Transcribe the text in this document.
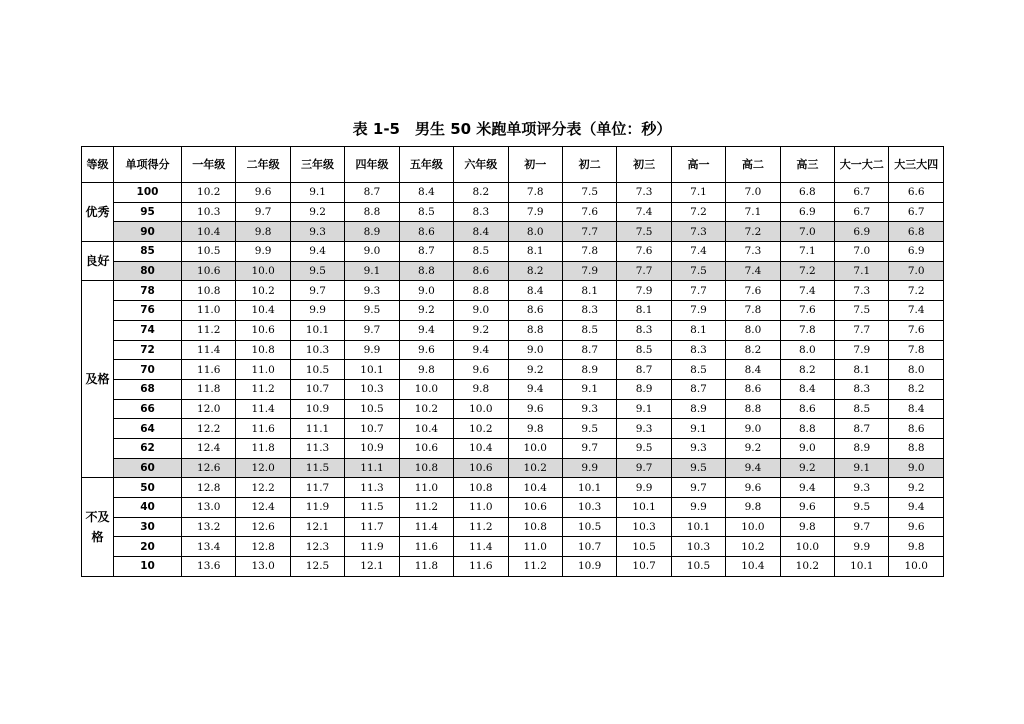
表 1-5　男生 50 米跑单项评分表（单位：秒）
等级	单项得分	一年级	二年级	三年级	四年级	五年级	六年级	初一	初二	初三	高一	高二	高三	大一大二	大三大四
优秀	100	10.2	9.6	9.1	8.7	8.4	8.2	7.8	7.5	7.3	7.1	7.0	6.8	6.7	6.6
	95	10.3	9.7	9.2	8.8	8.5	8.3	7.9	7.6	7.4	7.2	7.1	6.9	6.7	6.7
	90	10.4	9.8	9.3	8.9	8.6	8.4	8.0	7.7	7.5	7.3	7.2	7.0	6.9	6.8
良好	85	10.5	9.9	9.4	9.0	8.7	8.5	8.1	7.8	7.6	7.4	7.3	7.1	7.0	6.9
	80	10.6	10.0	9.5	9.1	8.8	8.6	8.2	7.9	7.7	7.5	7.4	7.2	7.1	7.0
及格	78	10.8	10.2	9.7	9.3	9.0	8.8	8.4	8.1	7.9	7.7	7.6	7.4	7.3	7.2
	76	11.0	10.4	9.9	9.5	9.2	9.0	8.6	8.3	8.1	7.9	7.8	7.6	7.5	7.4
	74	11.2	10.6	10.1	9.7	9.4	9.2	8.8	8.5	8.3	8.1	8.0	7.8	7.7	7.6
	72	11.4	10.8	10.3	9.9	9.6	9.4	9.0	8.7	8.5	8.3	8.2	8.0	7.9	7.8
	70	11.6	11.0	10.5	10.1	9.8	9.6	9.2	8.9	8.7	8.5	8.4	8.2	8.1	8.0
	68	11.8	11.2	10.7	10.3	10.0	9.8	9.4	9.1	8.9	8.7	8.6	8.4	8.3	8.2
	66	12.0	11.4	10.9	10.5	10.2	10.0	9.6	9.3	9.1	8.9	8.8	8.6	8.5	8.4
	64	12.2	11.6	11.1	10.7	10.4	10.2	9.8	9.5	9.3	9.1	9.0	8.8	8.7	8.6
	62	12.4	11.8	11.3	10.9	10.6	10.4	10.0	9.7	9.5	9.3	9.2	9.0	8.9	8.8
	60	12.6	12.0	11.5	11.1	10.8	10.6	10.2	9.9	9.7	9.5	9.4	9.2	9.1	9.0
不及格	50	12.8	12.2	11.7	11.3	11.0	10.8	10.4	10.1	9.9	9.7	9.6	9.4	9.3	9.2
	40	13.0	12.4	11.9	11.5	11.2	11.0	10.6	10.3	10.1	9.9	9.8	9.6	9.5	9.4
	30	13.2	12.6	12.1	11.7	11.4	11.2	10.8	10.5	10.3	10.1	10.0	9.8	9.7	9.6
	20	13.4	12.8	12.3	11.9	11.6	11.4	11.0	10.7	10.5	10.3	10.2	10.0	9.9	9.8
	10	13.6	13.0	12.5	12.1	11.8	11.6	11.2	10.9	10.7	10.5	10.4	10.2	10.1	10.0
